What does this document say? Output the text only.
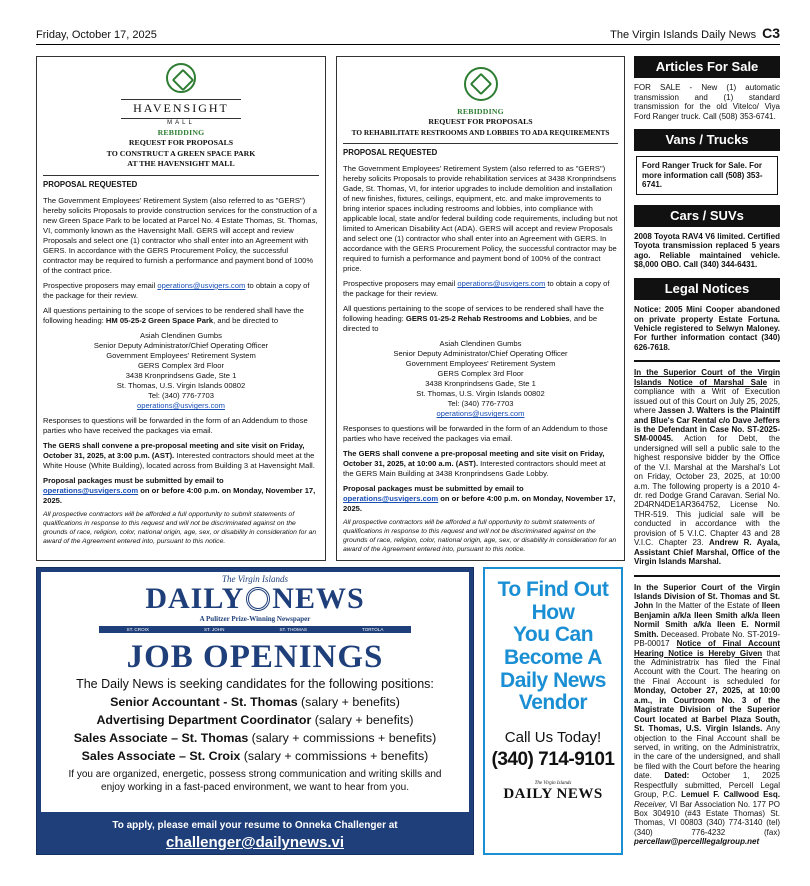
Friday, October 17, 2025	The Virgin Islands Daily News C3
HAVENSIGHT
MALL
REBIDDING
REQUEST FOR PROPOSALS
TO CONSTRUCT A GREEN SPACE PARK
AT THE HAVENSIGHT MALL
PROPOSAL REQUESTED

The Government Employees' Retirement System (also referred to as "GERS") hereby solicits Proposals to provide construction services for the construction of a new Green Space Park to be located at Parcel No. 4 Estate Thomas, St. Thomas, VI, commonly known as the Havensight Mall. GERS will accept and review Proposals and select one (1) contractor who shall enter into an Agreement with GERS. In accordance with the GERS Procurement Policy, the successful contractor may be required to furnish a performance and payment bond of 100% of the contract price.

Prospective proposers may email operations@usvigers.com to obtain a copy of the package for their review.

All questions pertaining to the scope of services to be rendered shall have the following heading: HM 05-25-2 Green Space Park, and be directed to

Asiah Clendinen Gumbs
Senior Deputy Administrator/Chief Operating Officer
Government Employees' Retirement System
GERS Complex 3rd Floor
3438 Kronprindsens Gade, Ste 1
St. Thomas, U.S. Virgin Islands 00802
Tel: (340) 776-7703
operations@usvigers.com

Responses to questions will be forwarded in the form of an Addendum to those parties who have received the packages via email.

The GERS shall convene a pre-proposal meeting and site visit on Friday, October 31, 2025, at 3:00 p.m. (AST). Interested contractors should meet at the White House (White Building), located across from Building 3 at Havensight Mall.

Proposal packages must be submitted by email to operations@usvigers.com on or before 4:00 p.m. on Monday, November 17, 2025.

All prospective contractors will be afforded a full opportunity to submit statements of qualifications in response to this request and will not be discriminated against on the grounds of race, religion, color, national origin, age, sex, or disability in consideration for an award of the Agreement entered into, pursuant to this notice.

REBIDDING
REQUEST FOR PROPOSALS
TO REHABILITATE RESTROOMS AND LOBBIES TO ADA REQUIREMENTS
PROPOSAL REQUESTED

The Government Employees' Retirement System (also referred to as "GERS") hereby solicits Proposals to provide rehabilitation services at 3438 Kronprindsens Gade, St. Thomas, VI, for interior upgrades to include demolition and installation of new finishes, fixtures, ceilings, equipment, etc. and make improvements to bring interior spaces including restrooms and lobbies, into compliance with applicable local, state and/or federal building code requirements, including but not limited to American Disability Act (ADA). GERS will accept and review Proposals and select one (1) contractor who shall enter into an Agreement with GERS. In accordance with the GERS Procurement Policy, the successful contractor may be required to furnish a performance and payment bond of 100% of the contract price.

Prospective proposers may email operations@usvigers.com to obtain a copy of the package for their review.

All questions pertaining to the scope of services to be rendered shall have the following heading: GERS 01-25-2 Rehab Restrooms and Lobbies, and be directed to

Asiah Clendinen Gumbs
Senior Deputy Administrator/Chief Operating Officer
Government Employees' Retirement System
GERS Complex 3rd Floor
3438 Kronprindsens Gade, Ste 1
St. Thomas, U.S. Virgin Islands 00802
Tel: (340) 776-7703
operations@usvigers.com

Responses to questions will be forwarded in the form of an Addendum to those parties who have received the packages via email.

The GERS shall convene a pre-proposal meeting and site visit on Friday, October 31, 2025, at 10:00 a.m. (AST). Interested contractors should meet at the GERS Main Building at 3438 Kronprindsens Gade Lobby.

Proposal packages must be submitted by email to operations@usvigers.com on or before 4:00 p.m. on Monday, November 17, 2025.

All prospective contractors will be afforded a full opportunity to submit statements of qualifications in response to this request and will not be discriminated against on the grounds of race, religion, color, national origin, age, sex, or disability in consideration for an award of the Agreement entered into, pursuant to this notice.

Articles For Sale

FOR SALE - New (1) automatic transmission and (1) standard transmission for the old Vitelco/ Viya Ford Ranger truck. Call (508) 353-6741.

Vans / Trucks
Ford Ranger Truck for Sale. For more information call (508) 353-6741.
Cars / SUVs

2008 Toyota RAV4 V6 limited. Certified Toyota transmission replaced 5 years ago. Reliable maintained vehicle. $8,000 OBO. Call (340) 344-6431.

Legal Notices

Notice: 2005 Mini Cooper abandoned on private property Estate Fortuna. Vehicle registered to Selwyn Maloney. For further information contact (340) 626-7618.

In the Superior Court of the Virgin Islands Notice of Marshal Sale in compliance with a Writ of Execution issued out of this Court on July 25, 2025, where Jassen J. Walters is the Plaintiff and Blue's Car Rental c/o Dave Jeffers is the Defendant in Case No. ST-2025-SM-00045. Action for Debt, the undersigned will sell a public sale to the highest responsive bidder by the Office of the V.I. Marshal at the Marshal's Lot on Friday, October 23, 2025, at 10:00 a.m. The following property is a 2010 4-dr. red Dodge Grand Caravan. Serial No. 2D4RN4DE1AR364752, License No. THR-519. This judicial sale will be conducted in accordance with the provision of 5 V.I.C. Chapter 43 and 28 V.I.C. Chapter 23. Andrew R. Ayala, Assistant Chief Marshal, Office of the Virgin Islands Marshal.

In the Superior Court of the Virgin Islands Division of St. Thomas and St. John In the Matter of the Estate of Ileen Benjamin a/k/a Ileen Smith a/k/a Ileen Normil Smith a/k/a Ileen E. Normil Smith. Deceased. Probate No. ST-2019-PB-00017 Notice of Final Account Hearing Notice is Hereby Given that the Administratrix has filed the Final Account with the Court. The hearing on the Final Account is scheduled for Monday, October 27, 2025, at 10:00 a.m., in Courtroom No. 3 of the Magistrate Division of the Superior Court located at Barbel Plaza South, St. Thomas, U.S. Virgin Islands. Any objection to the Final Account shall be served, in writing, on the Administratrix, in the care of the undersigned, and shall be filed with the Court before the hearing date. Dated: October 1, 2025 Respectfully submitted, Percell Legal Group, P.C. Lemuel F. Callwood Esq. Receiver, VI Bar Association No. 177 PO Box 304910 (#43 Estate Thomas) St. Thomas, VI 00803 (340) 774-3140 (tel) (340) 776-4232 (fax) percellaw@percelllegalgroup.net

The Virgin Islands
DAILY NEWS
A Pulitzer Prize-Winning Newspaper
ST. CROIX	ST. JOHN	ST. THOMAS	TORTOLA
JOB OPENINGS
The Daily News is seeking candidates for the following positions:
Senior Accountant - St. Thomas (salary + benefits)
Advertising Department Coordinator (salary + benefits)
Sales Associate – St. Thomas (salary + commissions + benefits)
Sales Associate – St. Croix (salary + commissions + benefits)
If you are organized, energetic, possess strong communication and writing skills and enjoy working in a fast-paced environment, we want to hear from you.
To apply, please email your resume to Onneka Challenger at
challenger@dailynews.vi
To Find Out
How
You Can
Become A
Daily News
Vendor
Call Us Today!
(340) 714-9101
The Virgin Islands
DAILY NEWS
